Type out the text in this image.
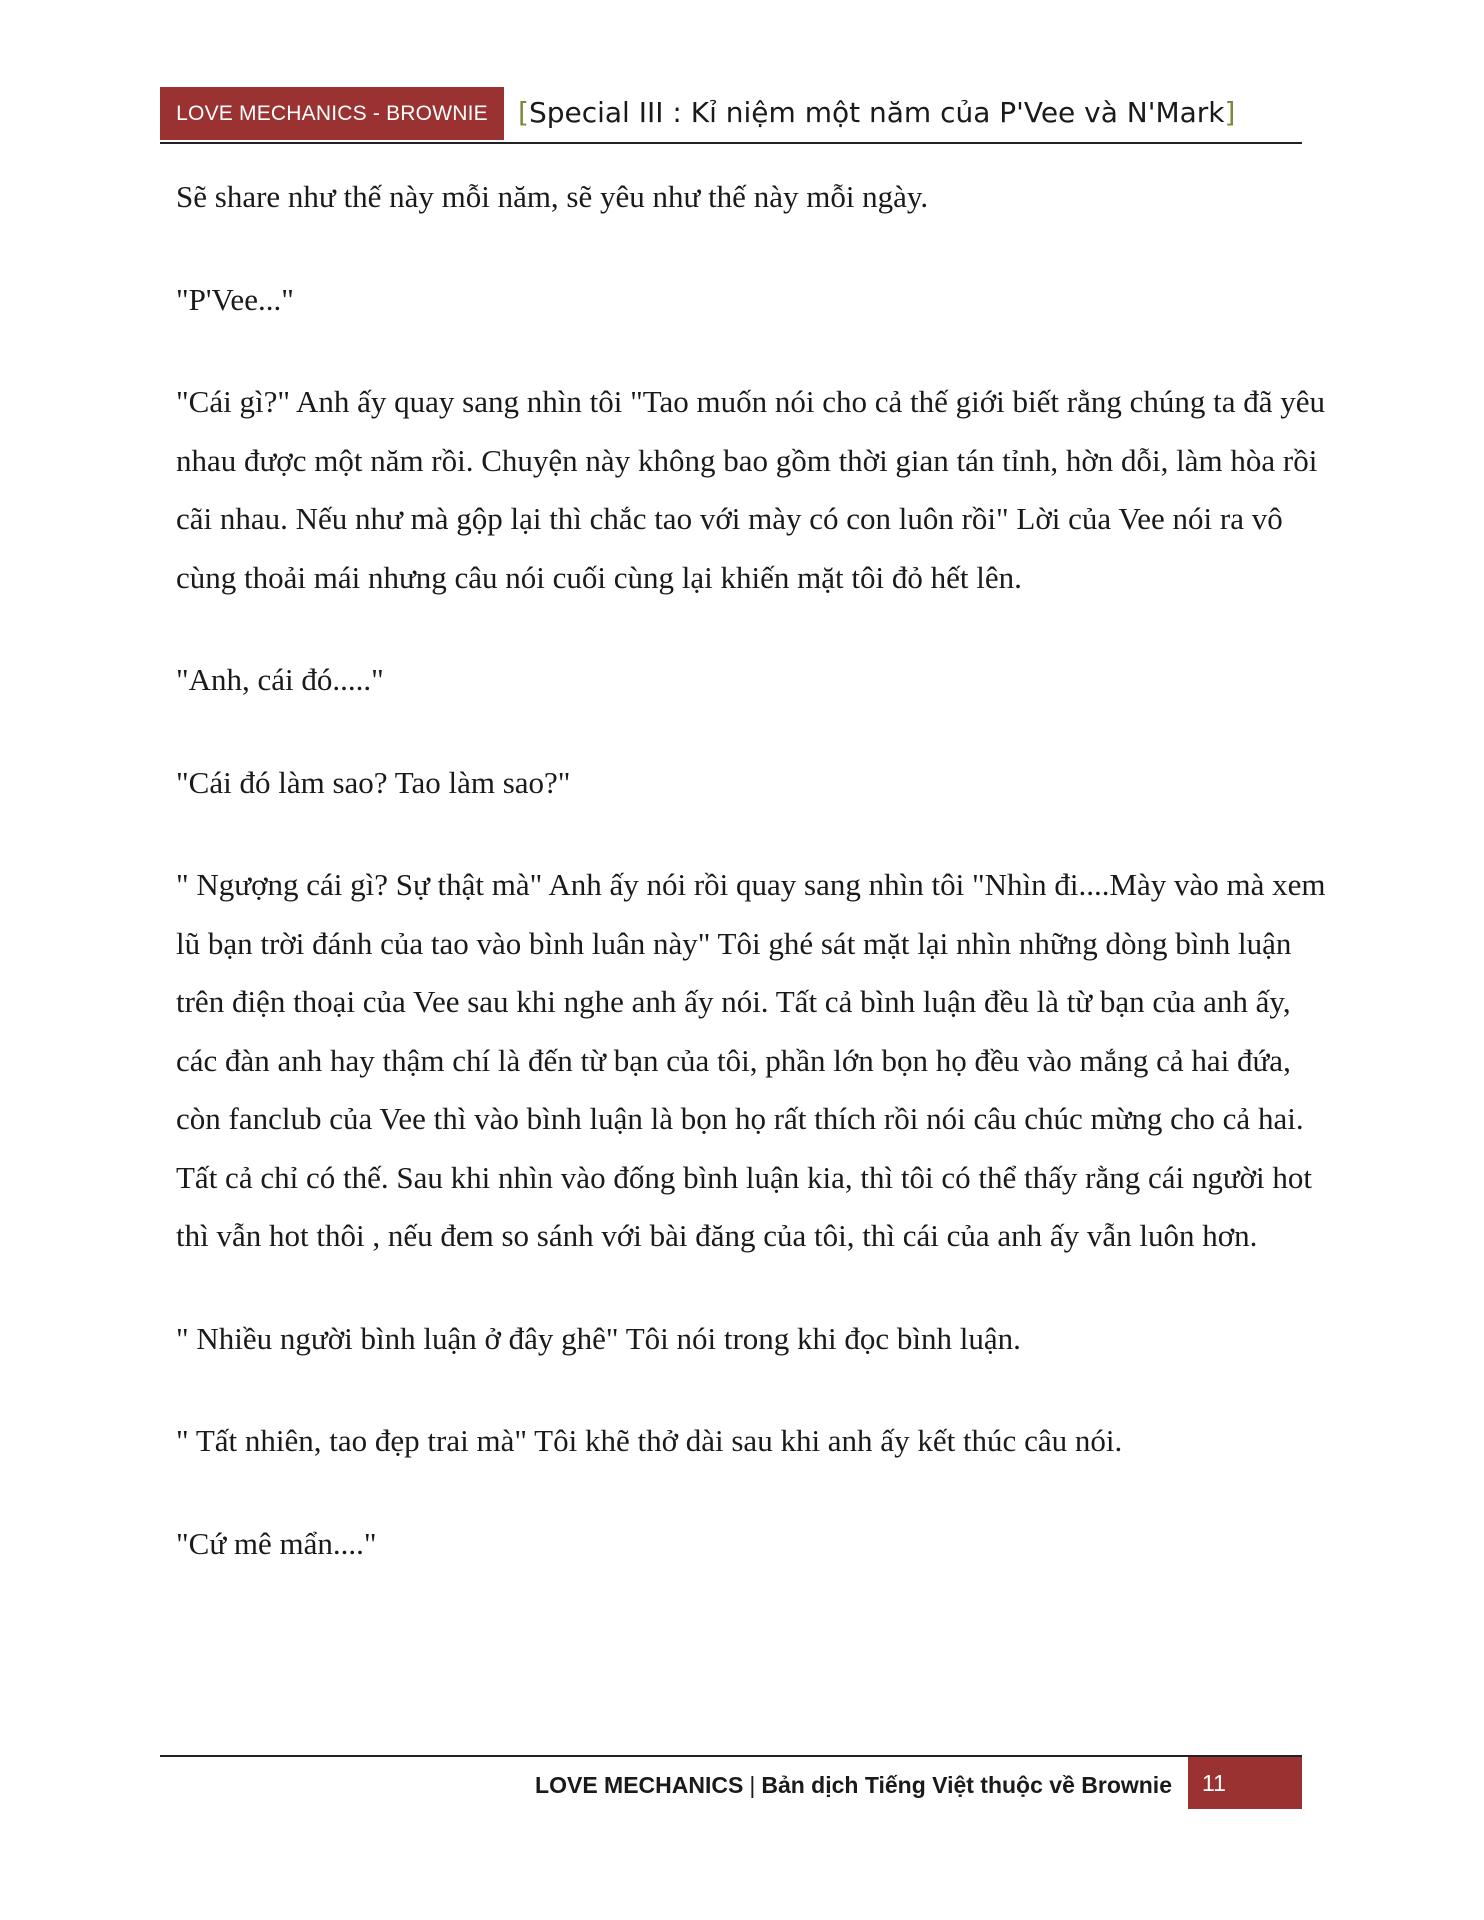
LOVE MECHANICS - BROWNIE	[Special III : Kỉ niệm một năm của P'Vee và N'Mark]

Sẽ share như thế này mỗi năm, sẽ yêu như thế này mỗi ngày.

"P'Vee..."

"Cái gì?" Anh ấy quay sang nhìn tôi "Tao muốn nói cho cả thế giới biết rằng chúng ta đã yêu nhau được một năm rồi. Chuyện này không bao gồm thời gian tán tỉnh, hờn dỗi, làm hòa rồi cãi nhau. Nếu như mà gộp lại thì chắc tao với mày có con luôn rồi" Lời của Vee nói ra vô cùng thoải mái nhưng câu nói cuối cùng lại khiến mặt tôi đỏ hết lên.

"Anh, cái đó....."

"Cái đó làm sao? Tao làm sao?"

" Ngượng cái gì? Sự thật mà" Anh ấy nói rồi quay sang nhìn tôi "Nhìn đi....Mày vào mà xem lũ bạn trời đánh của tao vào bình luân này" Tôi ghé sát mặt lại nhìn những dòng bình luận trên điện thoại của Vee sau khi nghe anh ấy nói. Tất cả bình luận đều là từ bạn của anh ấy, các đàn anh hay thậm chí là đến từ bạn của tôi, phần lớn bọn họ đều vào mắng cả hai đứa, còn fanclub của Vee thì vào bình luận là bọn họ rất thích rồi nói câu chúc mừng cho cả hai. Tất cả chỉ có thế. Sau khi nhìn vào đống bình luận kia, thì tôi có thể thấy rằng cái người hot thì vẫn hot thôi , nếu đem so sánh với bài đăng của tôi, thì cái của anh ấy vẫn luôn hơn.

" Nhiều người bình luận ở đây ghê" Tôi nói trong khi đọc bình luận.

" Tất nhiên, tao đẹp trai mà" Tôi khẽ thở dài sau khi anh ấy kết thúc câu nói.

"Cứ mê mẩn...."

LOVE MECHANICS | Bản dịch Tiếng Việt thuộc về Brownie	11
